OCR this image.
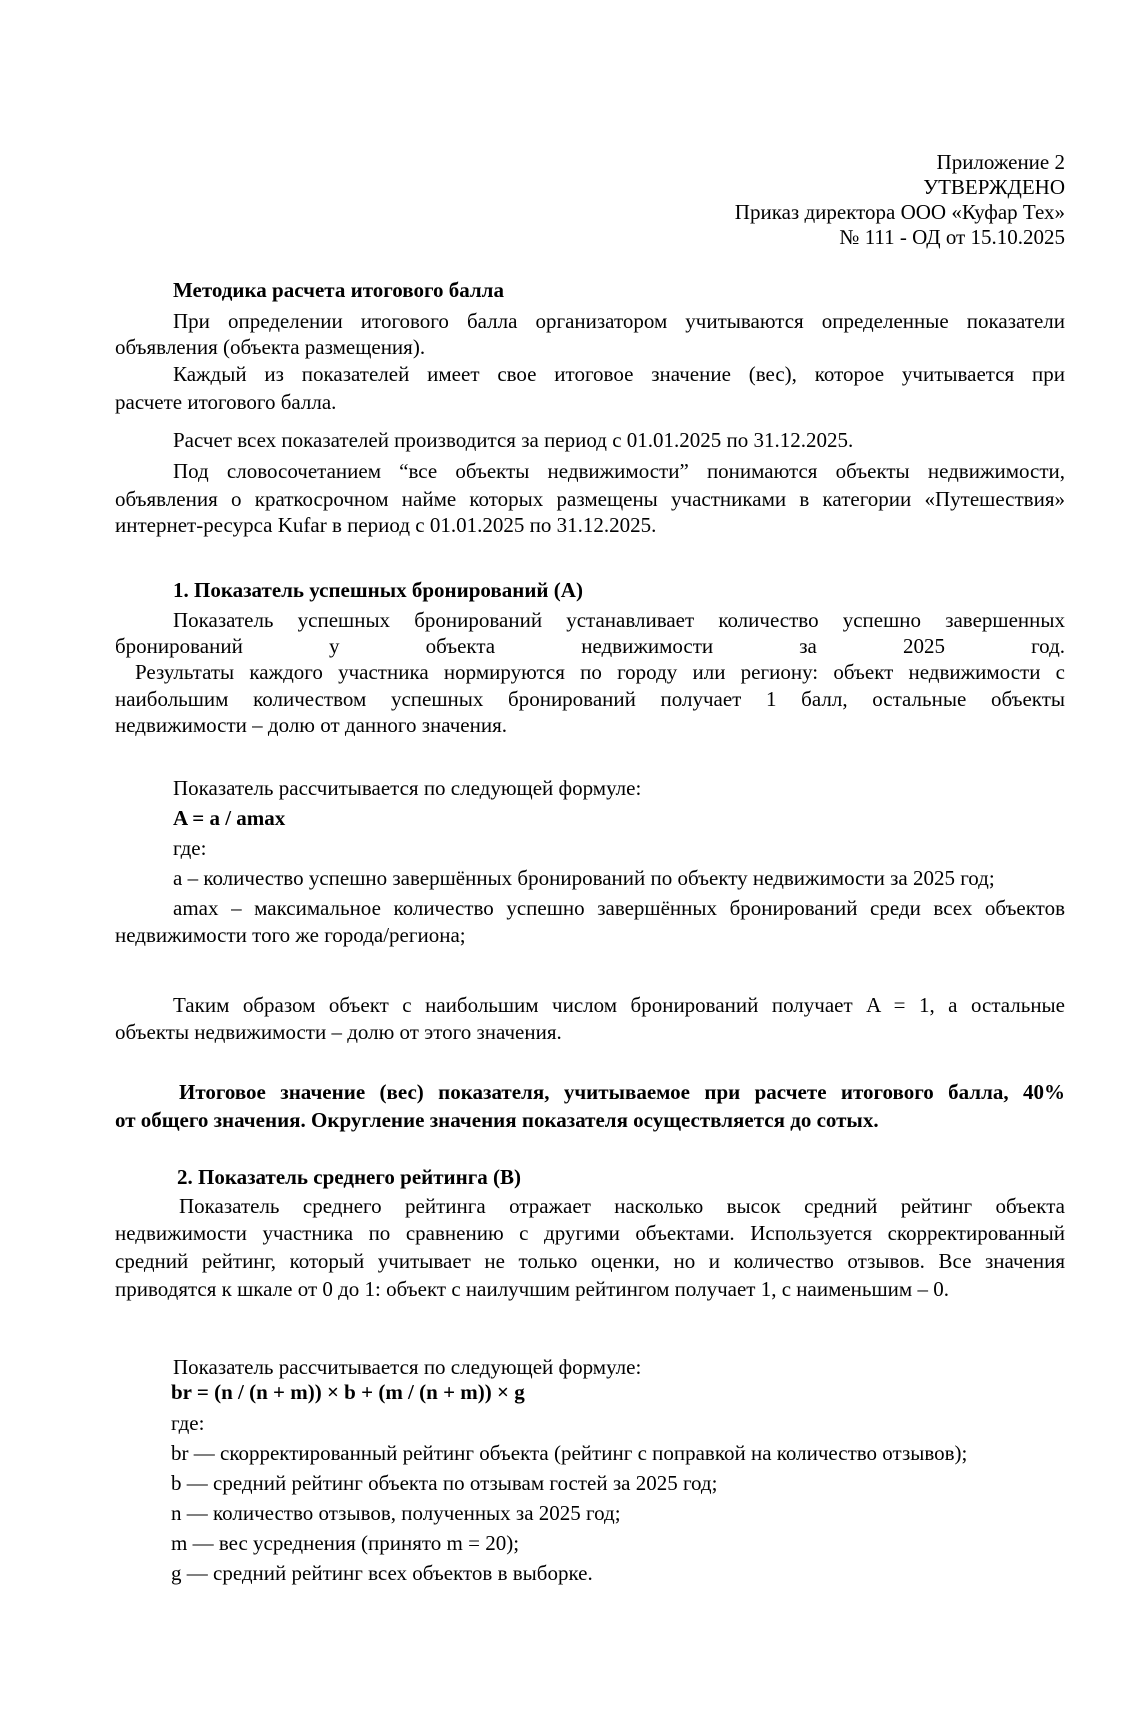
Приложение 2
УТВЕРЖДЕНО
Приказ директора ООО «Куфар Тех»
№ 111 - ОД от 15.10.2025
Методика расчета итогового балла
При определении итогового балла организатором учитываются определенные показатели
объявления (объекта размещения).
Каждый из показателей имеет свое итоговое значение (вес), которое учитывается при
расчете итогового балла.
Расчет всех показателей производится за период с 01.01.2025 по 31.12.2025.
Под словосочетанием “все объекты недвижимости” понимаются объекты недвижимости,
объявления о краткосрочном найме которых размещены участниками в категории «Путешествия»
интернет-ресурса Kufar в период с 01.01.2025 по 31.12.2025.
1. Показатель успешных бронирований (А)
Показатель успешных бронирований устанавливает количество успешно завершенных
бронирований у объекта недвижимости за 2025 год.
Результаты каждого участника нормируются по городу или региону: объект недвижимости с
наибольшим количеством успешных бронирований получает 1 балл, остальные объекты
недвижимости – долю от данного значения.
Показатель рассчитывается по следующей формуле:
A = a / amax
где:
a – количество успешно завершённых бронирований по объекту недвижимости за 2025 год;
amax – максимальное количество успешно завершённых бронирований среди всех объектов
недвижимости того же города/региона;
Таким образом объект с наибольшим числом бронирований получает A = 1, а остальные
объекты недвижимости – долю от этого значения.
Итоговое значение (вес) показателя, учитываемое при расчете итогового балла, 40%
от общего значения. Округление значения показателя осуществляется до сотых.
2. Показатель среднего рейтинга (B)
Показатель среднего рейтинга отражает насколько высок средний рейтинг объекта
недвижимости участника по сравнению с другими объектами. Используется скорректированный
средний рейтинг, который учитывает не только оценки, но и количество отзывов. Все значения
приводятся к шкале от 0 до 1: объект с наилучшим рейтингом получает 1, с наименьшим – 0.
Показатель рассчитывается по следующей формуле:
br = (n / (n + m)) × b + (m / (n + m)) × g
где:
br — скорректированный рейтинг объекта (рейтинг с поправкой на количество отзывов);
b — средний рейтинг объекта по отзывам гостей за 2025 год;
n — количество отзывов, полученных за 2025 год;
m — вес усреднения (принято m = 20);
g — средний рейтинг всех объектов в выборке.
